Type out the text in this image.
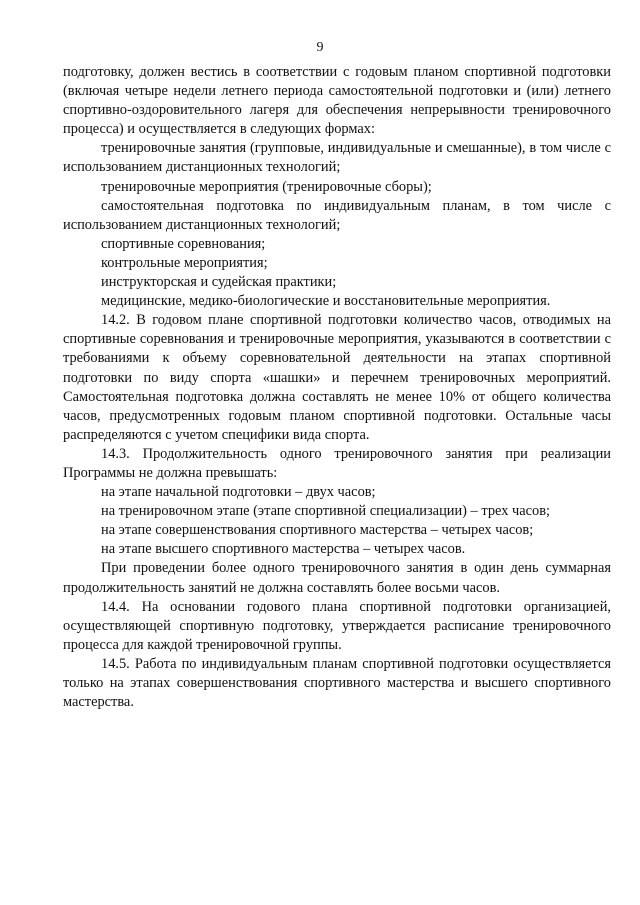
9

подготовку, должен вестись в соответствии с годовым планом спортивной подготовки (включая четыре недели летнего периода самостоятельной подготовки и (или) летнего спортивно-оздоровительного лагеря для обеспечения непрерывности тренировочного процесса) и осуществляется в следующих формах:

тренировочные занятия (групповые, индивидуальные и смешанные), в том числе с использованием дистанционных технологий;

тренировочные мероприятия (тренировочные сборы);

самостоятельная подготовка по индивидуальным планам, в том числе с использованием дистанционных технологий;

спортивные соревнования;

контрольные мероприятия;

инструкторская и судейская практики;

медицинские, медико-биологические и восстановительные мероприятия.

14.2. В годовом плане спортивной подготовки количество часов, отводимых на спортивные соревнования и тренировочные мероприятия, указываются в соответствии с требованиями к объему соревновательной деятельности на этапах спортивной подготовки по виду спорта «шашки» и перечнем тренировочных мероприятий. Самостоятельная подготовка должна составлять не менее 10% от общего количества часов, предусмотренных годовым планом спортивной подготовки. Остальные часы распределяются с учетом специфики вида спорта.

14.3. Продолжительность одного тренировочного занятия при реализации Программы не должна превышать:

на этапе начальной подготовки – двух часов;

на тренировочном этапе (этапе спортивной специализации) – трех часов;

на этапе совершенствования спортивного мастерства – четырех часов;

на этапе высшего спортивного мастерства – четырех часов.

При проведении более одного тренировочного занятия в один день суммарная продолжительность занятий не должна составлять более восьми часов.

14.4. На основании годового плана спортивной подготовки организацией, осуществляющей спортивную подготовку, утверждается расписание тренировочного процесса для каждой тренировочной группы.

14.5. Работа по индивидуальным планам спортивной подготовки осуществляется только на этапах совершенствования спортивного мастерства и высшего спортивного мастерства.
